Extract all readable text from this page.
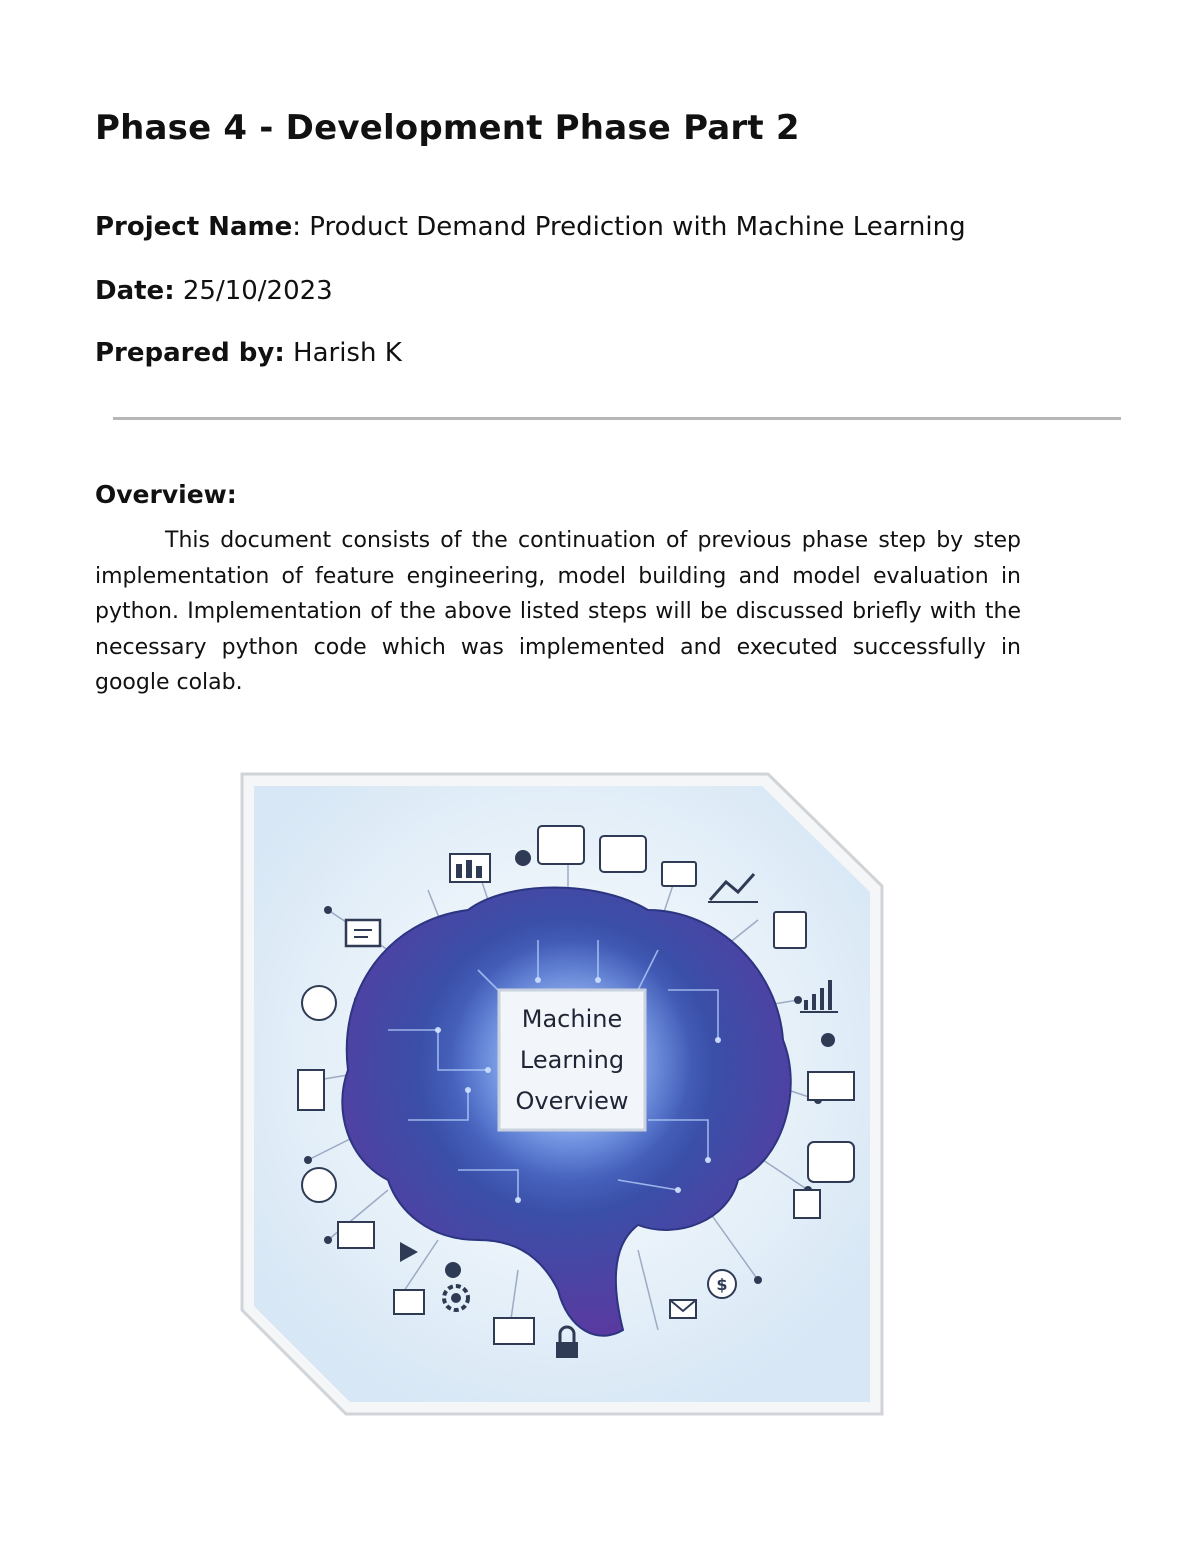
Phase 4 - Development Phase Part 2

Project Name: Product Demand Prediction with Machine Learning

Date: 25/10/2023

Prepared by: Harish K

Overview:

This document consists of the continuation of previous phase step by step implementation of feature engineering, model building and model evaluation in python. Implementation of the above listed steps will be discussed briefly with the necessary python code which was implemented and executed successfully in google colab.

$
Machine
Learning
Overview
